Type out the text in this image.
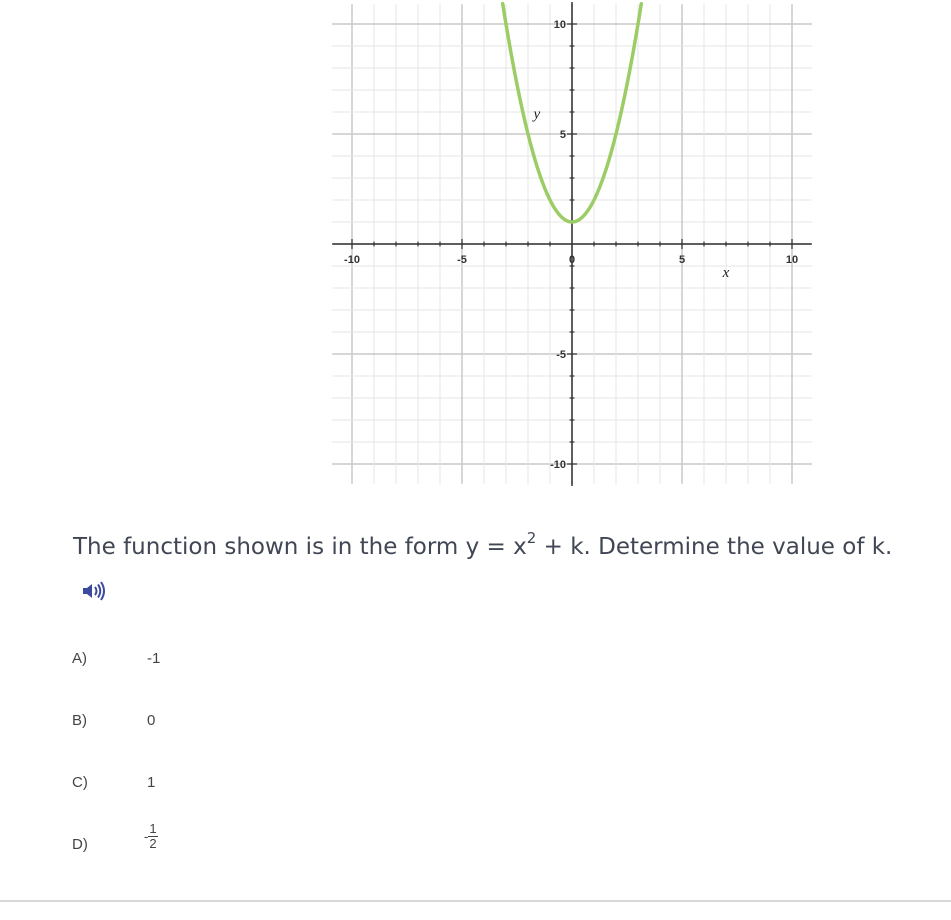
-10	-5	0	5	10
10
5
-5
-10
x
y
The function shown is in the form $y = x^2 + k$. Determine the value of k.
A)	-1
B)	0
C)	1
D)	- $\frac{1}{2}$
